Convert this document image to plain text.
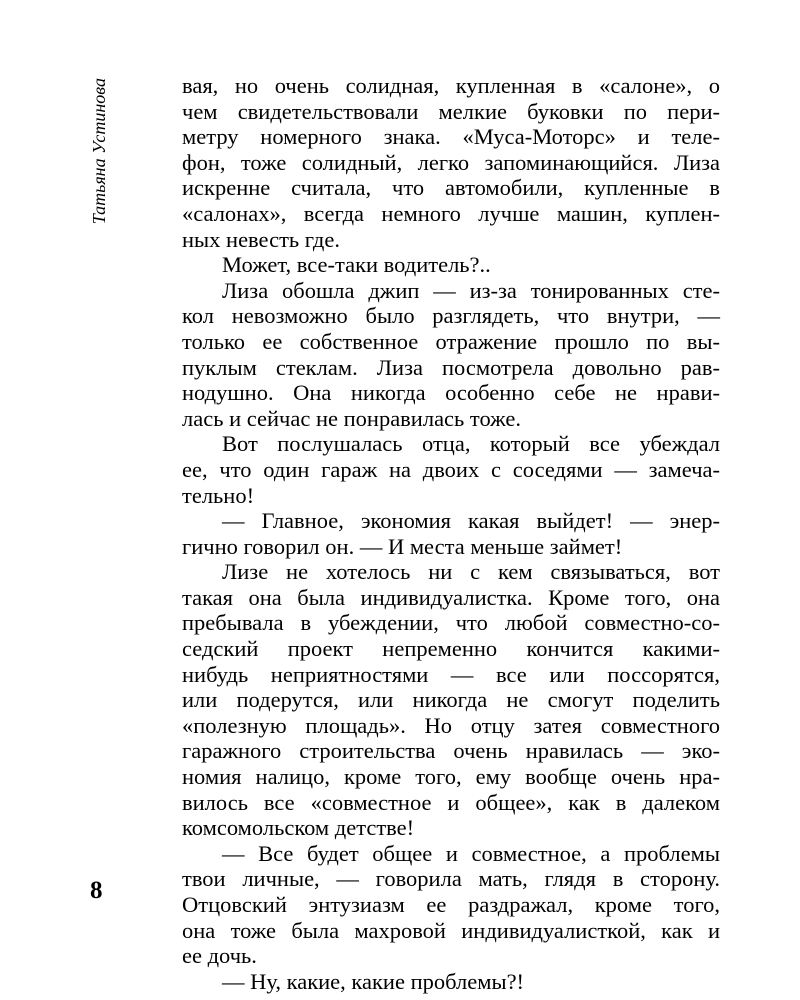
Татьяна Устинова
8
вая, но очень солидная, купленная в «салоне», о
чем свидетельствовали мелкие буковки по пери-
метру номерного знака. «Муса-Моторс» и теле-
фон, тоже солидный, легко запоминающийся. Лиза
искренне считала, что автомобили, купленные в
«салонах», всегда немного лучше машин, куплен-
ных невесть где.
Может, все-таки водитель?..
Лиза обошла джип — из-за тонированных сте-
кол невозможно было разглядеть, что внутри, —
только ее собственное отражение прошло по вы-
пуклым стеклам. Лиза посмотрела довольно рав-
нодушно. Она никогда особенно себе не нрави-
лась и сейчас не понравилась тоже.
Вот послушалась отца, который все убеждал
ее, что один гараж на двоих с соседями — замеча-
тельно!
— Главное, экономия какая выйдет! — энер-
гично говорил он. — И места меньше займет!
Лизе не хотелось ни с кем связываться, вот
такая она была индивидуалистка. Кроме того, она
пребывала в убеждении, что любой совместно-со-
седский проект непременно кончится какими-
нибудь неприятностями — все или поссорятся,
или подерутся, или никогда не смогут поделить
«полезную площадь». Но отцу затея совместного
гаражного строительства очень нравилась — эко-
номия налицо, кроме того, ему вообще очень нра-
вилось все «совместное и общее», как в далеком
комсомольском детстве!
— Все будет общее и совместное, а проблемы
твои личные, — говорила мать, глядя в сторону.
Отцовский энтузиазм ее раздражал, кроме того,
она тоже была махровой индивидуалисткой, как и
ее дочь.
— Ну, какие, какие проблемы?!
